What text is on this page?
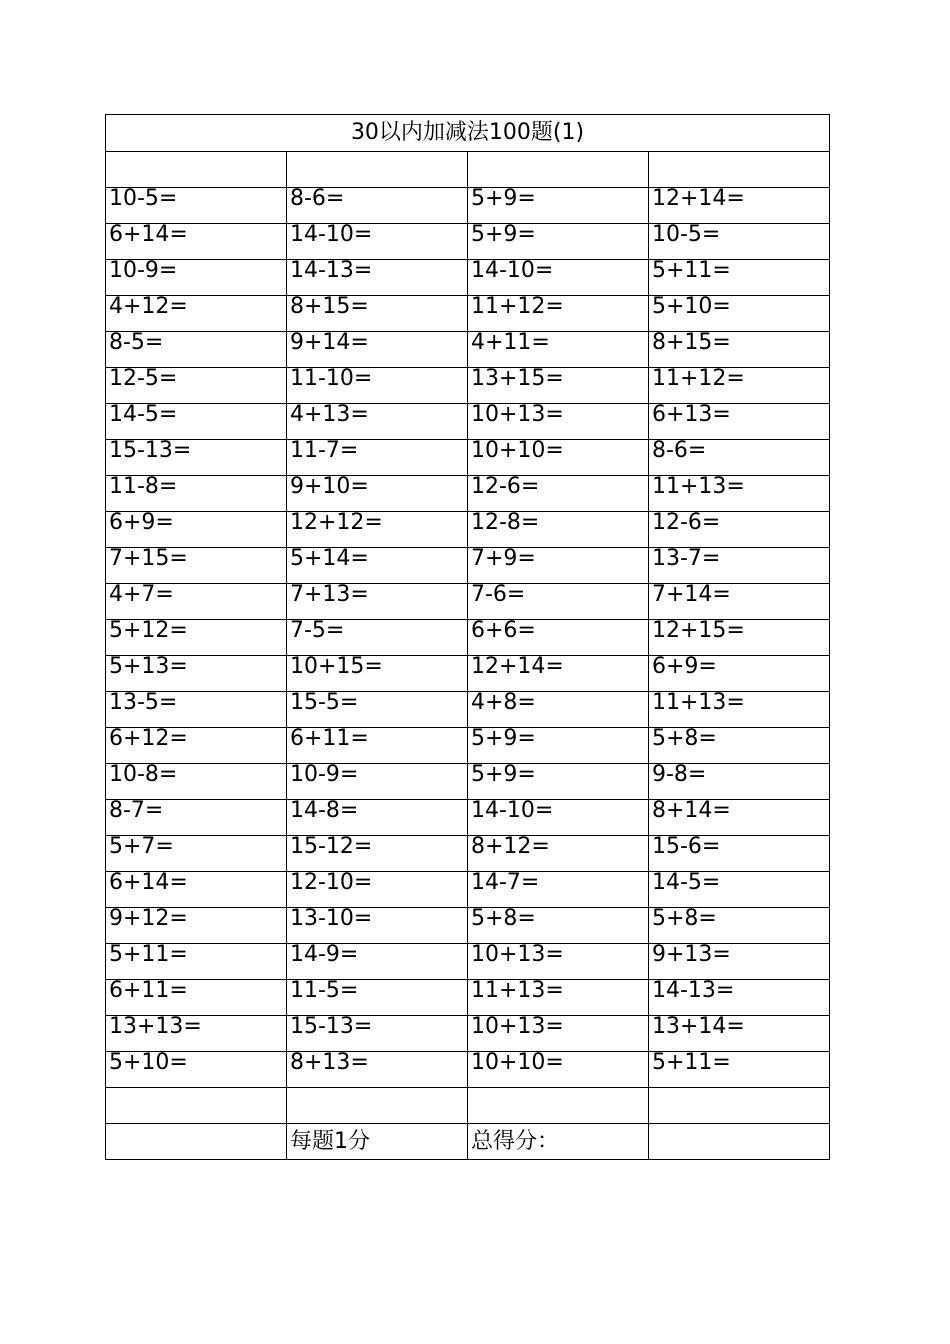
30以内加减法100题(1)			

10-5=	8-6=	5+9=	12+14=
6+14=	14-10=	5+9=	10-5=
10-9=	14-13=	14-10=	5+11=
4+12=	8+15=	11+12=	5+10=
8-5=	9+14=	4+11=	8+15=
12-5=	11-10=	13+15=	11+12=
14-5=	4+13=	10+13=	6+13=
15-13=	11-7=	10+10=	8-6=
11-8=	9+10=	12-6=	11+13=
6+9=	12+12=	12-8=	12-6=
7+15=	5+14=	7+9=	13-7=
4+7=	7+13=	7-6=	7+14=
5+12=	7-5=	6+6=	12+15=
5+13=	10+15=	12+14=	6+9=
13-5=	15-5=	4+8=	11+13=
6+12=	6+11=	5+9=	5+8=
10-8=	10-9=	5+9=	9-8=
8-7=	14-8=	14-10=	8+14=
5+7=	15-12=	8+12=	15-6=
6+14=	12-10=	14-7=	14-5=
9+12=	13-10=	5+8=	5+8=
5+11=	14-9=	10+13=	9+13=
6+11=	11-5=	11+13=	14-13=
13+13=	15-13=	10+13=	13+14=
5+10=	8+13=	10+10=	5+11=

	每题1分	总得分：	
